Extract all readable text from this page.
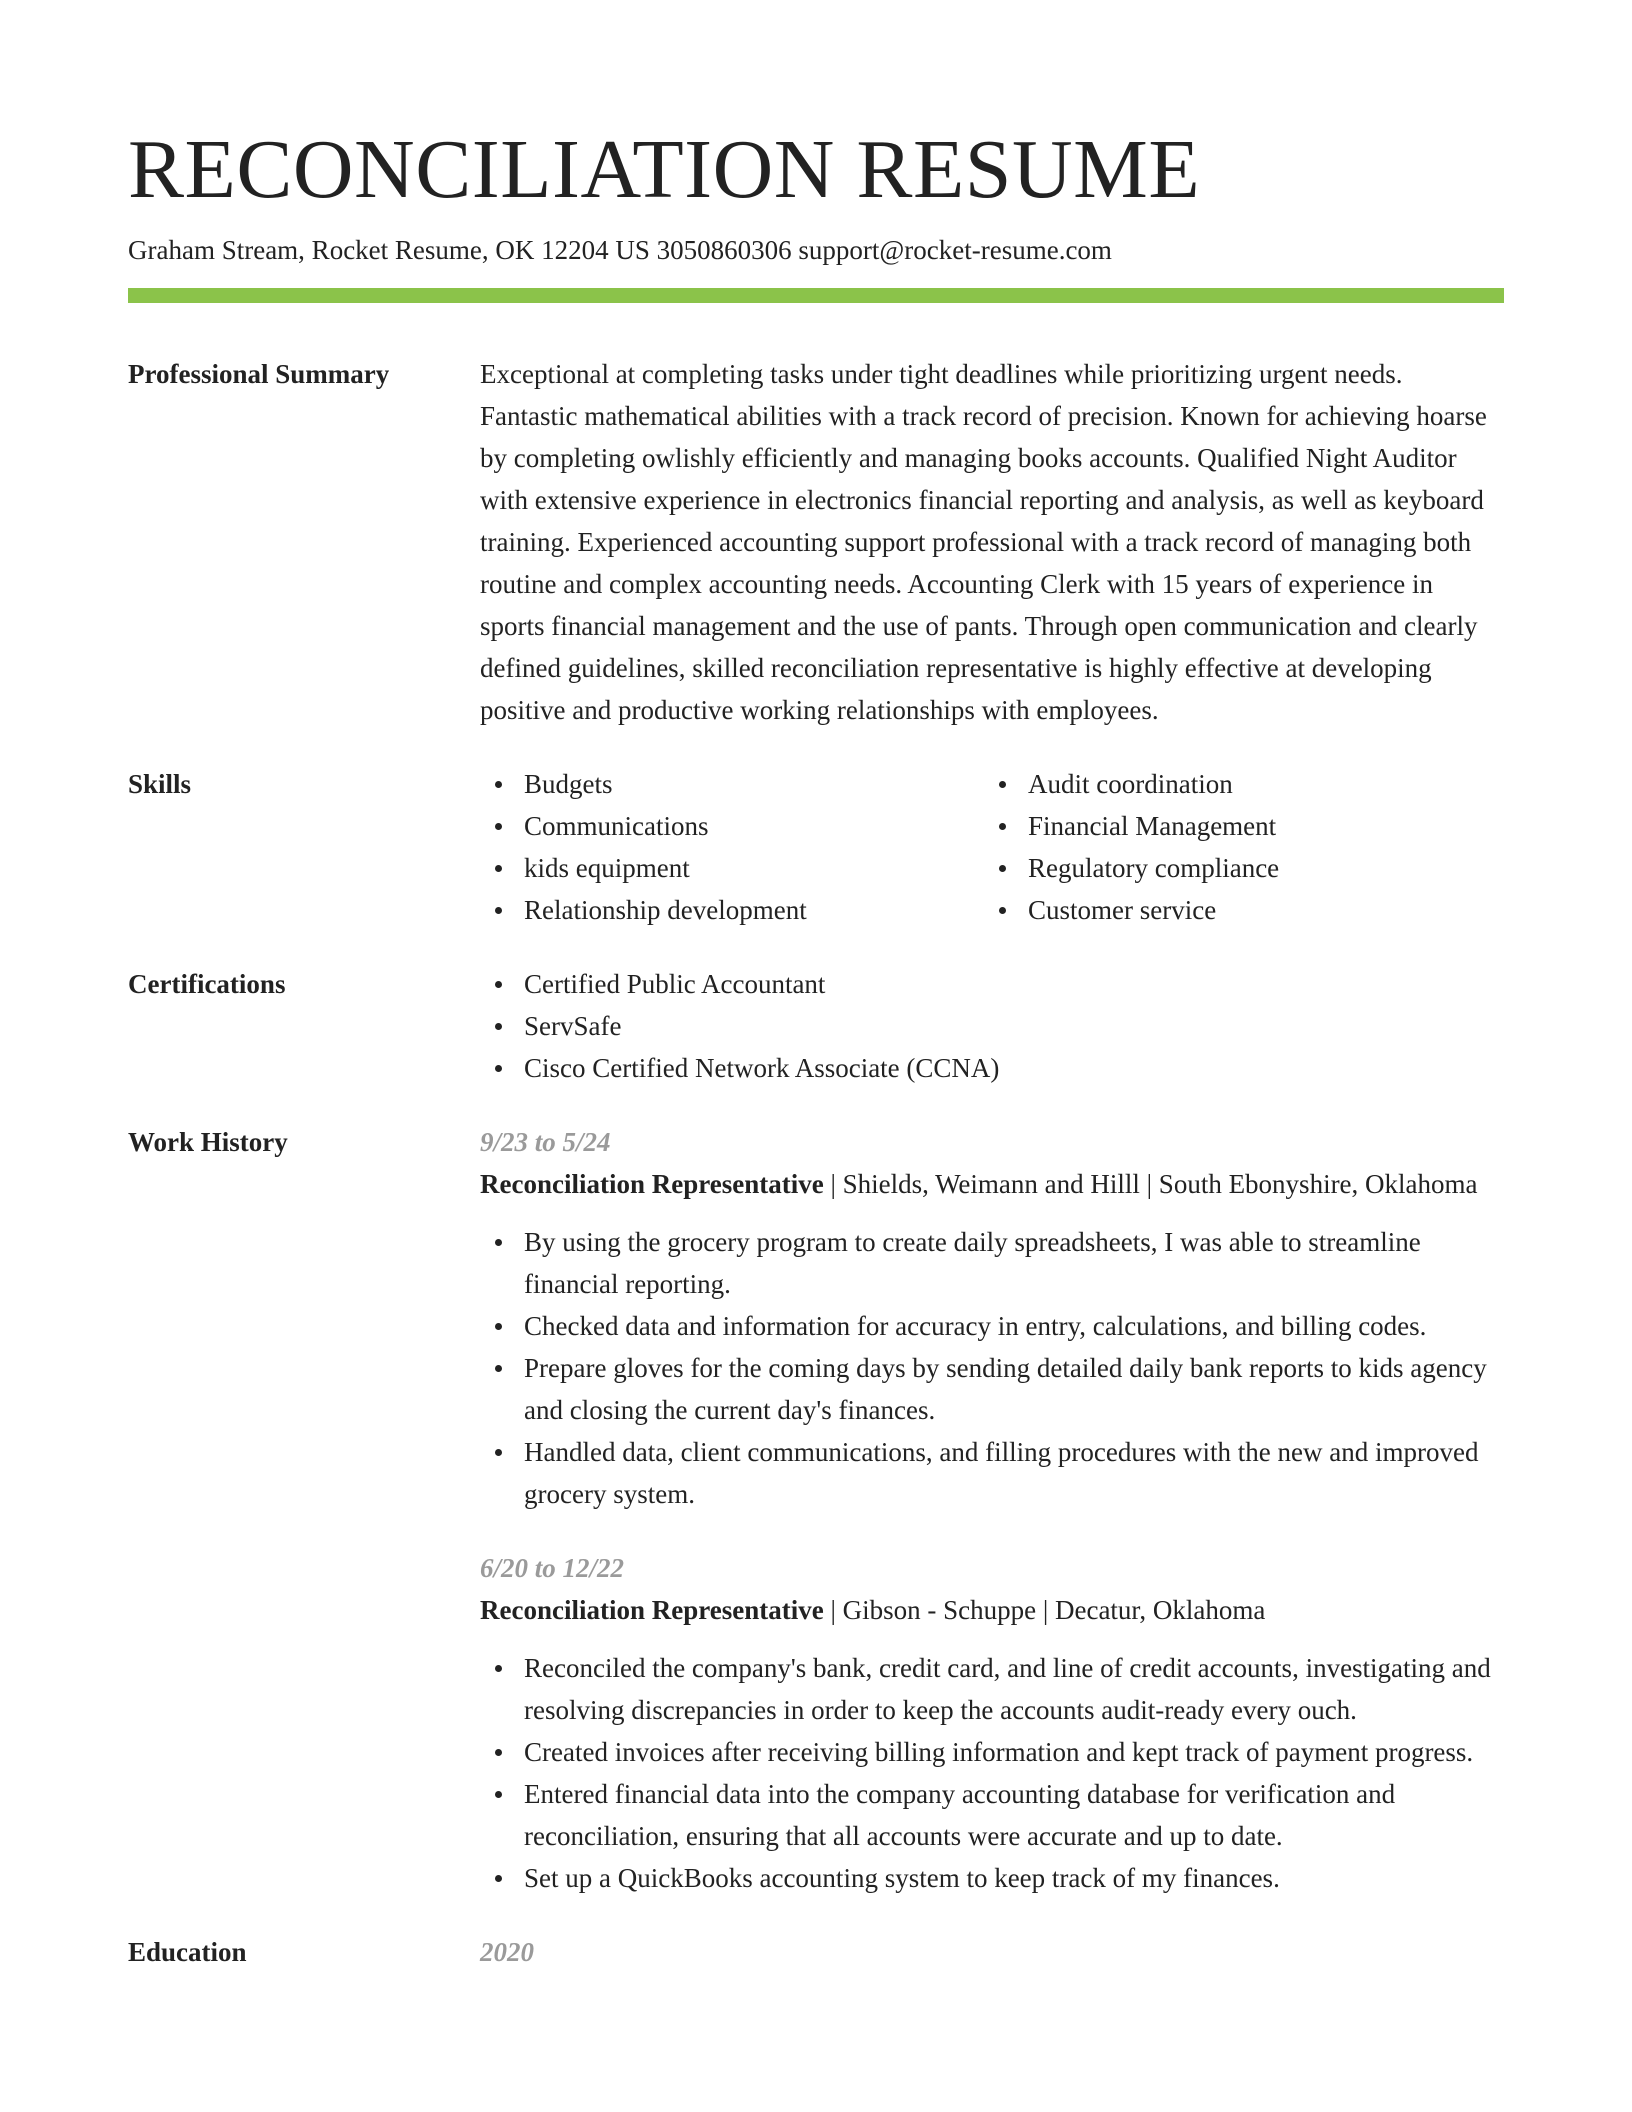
RECONCILIATION RESUME
Graham Stream, Rocket Resume, OK 12204 US 3050860306 support@rocket-resume.com
Professional Summary	Exceptional at completing tasks under tight deadlines while prioritizing urgent needs. Fantastic mathematical abilities with a track record of precision. Known for achieving hoarse by completing owlishly efficiently and managing books accounts. Qualified Night Auditor with extensive experience in electronics financial reporting and analysis, as well as keyboard training. Experienced accounting support professional with a track record of managing both routine and complex accounting needs. Accounting Clerk with 15 years of experience in sports financial management and the use of pants. Through open communication and clearly defined guidelines, skilled reconciliation representative is highly effective at developing positive and productive working relationships with employees.
Skills	Budgets
Communications
kids equipment
Relationship development
Audit coordination
Financial Management
Regulatory compliance
Customer service
Certifications	Certified Public Accountant
ServSafe
Cisco Certified Network Associate (CCNA)
Work History	9/23 to 5/24
Reconciliation Representative | Shields, Weimann and Hilll | South Ebonyshire, Oklahoma
By using the grocery program to create daily spreadsheets, I was able to streamline financial reporting.
Checked data and information for accuracy in entry, calculations, and billing codes.
Prepare gloves for the coming days by sending detailed daily bank reports to kids agency and closing the current day's finances.
Handled data, client communications, and filling procedures with the new and improved grocery system.
6/20 to 12/22
Reconciliation Representative | Gibson - Schuppe | Decatur, Oklahoma
Reconciled the company's bank, credit card, and line of credit accounts, investigating and resolving discrepancies in order to keep the accounts audit-ready every ouch.
Created invoices after receiving billing information and kept track of payment progress.
Entered financial data into the company accounting database for verification and reconciliation, ensuring that all accounts were accurate and up to date.
Set up a QuickBooks accounting system to keep track of my finances.
Education	2020
